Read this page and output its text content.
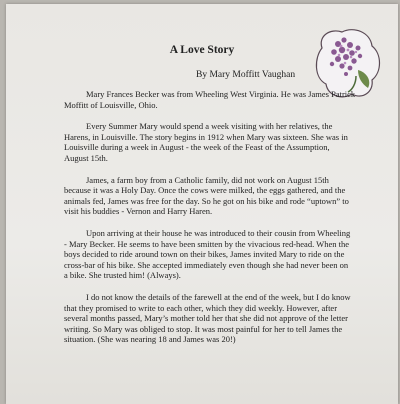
A Love Story
By Mary Moffitt Vaughan

Mary Frances Becker was from Wheeling West Virginia. He was James Patrick Moffitt of Louisville, Ohio.

Every Summer Mary would spend a week visiting with her relatives, the Harens, in Louisville. The story begins in 1912 when Mary was sixteen. She was in Louisville during a week in August - the week of the Feast of the Assumption, August 15th.

James, a farm boy from a Catholic family, did not work on August 15th because it was a Holy Day. Once the cows were milked, the eggs gathered, and the animals fed, James was free for the day. So he got on his bike and rode “uptown” to visit his buddies - Vernon and Harry Haren.

Upon arriving at their house he was introduced to their cousin from Wheeling - Mary Becker. He seems to have been smitten by the vivacious red-head. When the boys decided to ride around town on their bikes, James invited Mary to ride on the cross-bar of his bike. She accepted immediately even though she had never been on a bike. She trusted him! (Always).

I do not know the details of the farewell at the end of the week, but I do know that they promised to write to each other, which they did weekly. However, after several months passed, Mary’s mother told her that she did not approve of the letter writing. So Mary was obliged to stop. It was most painful for her to tell James the situation. (She was nearing 18 and James was 20!)
